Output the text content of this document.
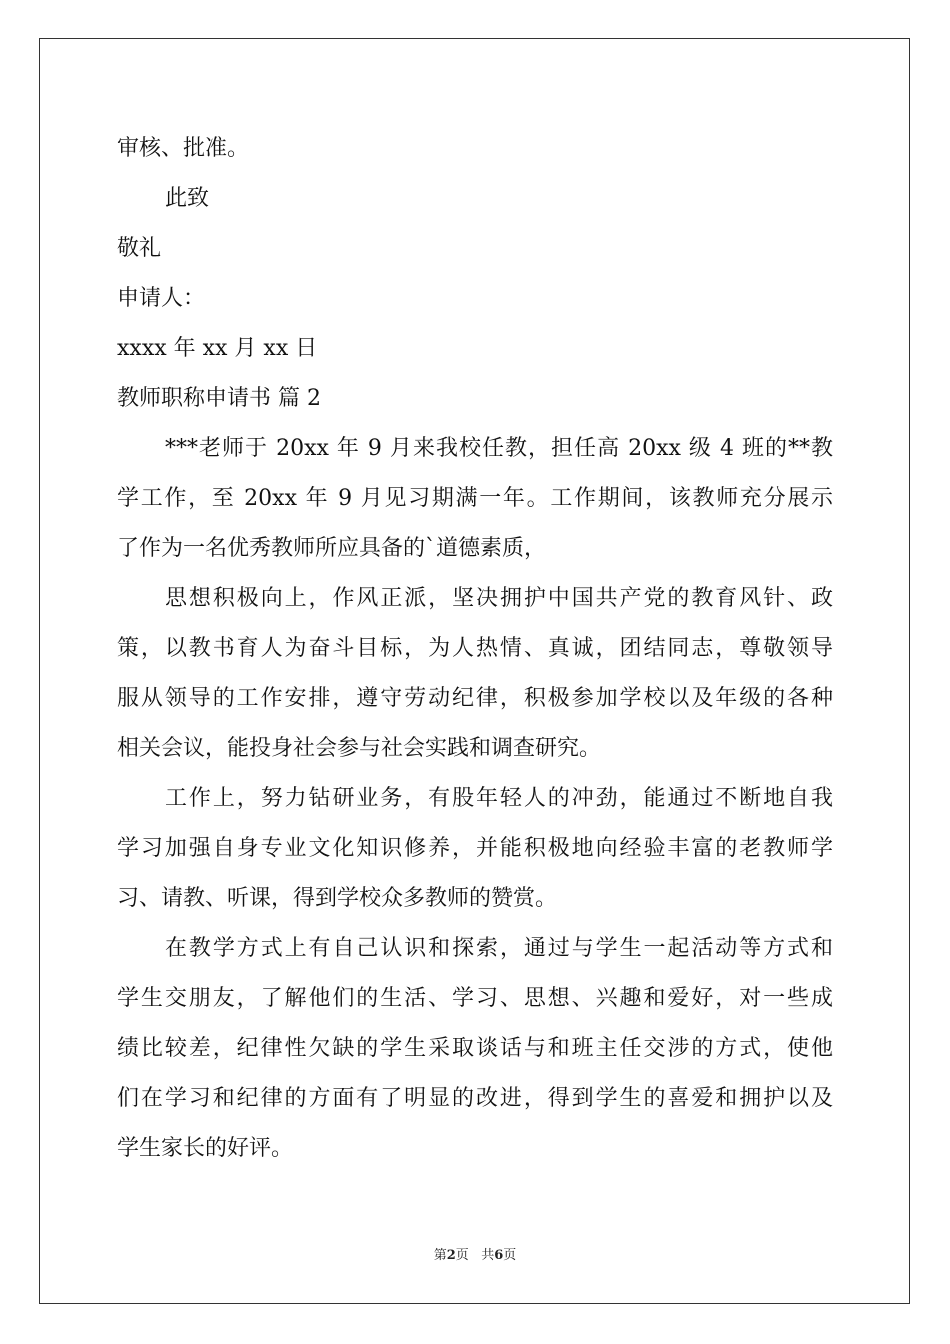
审核、批准。
此致
敬礼
申请人：
xxxx 年 xx 月 xx 日
教师职称申请书 篇 2
***老师于 20xx 年 9 月来我校任教，担任高 20xx 级 4 班的**教
学工作，至 20xx 年 9 月见习期满一年。工作期间，该教师充分展示
了作为一名优秀教师所应具备的`道德素质，
思想积极向上，作风正派，坚决拥护中国共产党的教育风针、政
策，以教书育人为奋斗目标，为人热情、真诚，团结同志，尊敬领导
服从领导的工作安排，遵守劳动纪律，积极参加学校以及年级的各种
相关会议，能投身社会参与社会实践和调查研究。
工作上，努力钻研业务，有股年轻人的冲劲，能通过不断地自我
学习加强自身专业文化知识修养，并能积极地向经验丰富的老教师学
习、请教、听课，得到学校众多教师的赞赏。
在教学方式上有自己认识和探索，通过与学生一起活动等方式和
学生交朋友，了解他们的生活、学习、思想、兴趣和爱好，对一些成
绩比较差，纪律性欠缺的学生采取谈话与和班主任交涉的方式，使他
们在学习和纪律的方面有了明显的改进，得到学生的喜爱和拥护以及
学生家长的好评。
第2页 共6页
